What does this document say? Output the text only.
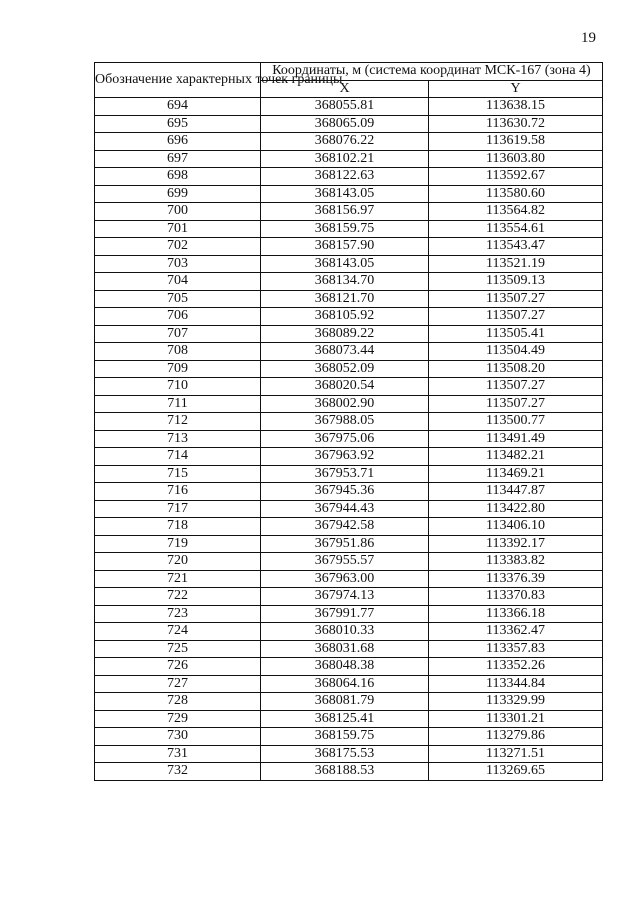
19
Обозначение характерных точек границы	Координаты, м (система координат МСК-167 (зона 4)	
	X	Y
694	368055.81	113638.15
695	368065.09	113630.72
696	368076.22	113619.58
697	368102.21	113603.80
698	368122.63	113592.67
699	368143.05	113580.60
700	368156.97	113564.82
701	368159.75	113554.61
702	368157.90	113543.47
703	368143.05	113521.19
704	368134.70	113509.13
705	368121.70	113507.27
706	368105.92	113507.27
707	368089.22	113505.41
708	368073.44	113504.49
709	368052.09	113508.20
710	368020.54	113507.27
711	368002.90	113507.27
712	367988.05	113500.77
713	367975.06	113491.49
714	367963.92	113482.21
715	367953.71	113469.21
716	367945.36	113447.87
717	367944.43	113422.80
718	367942.58	113406.10
719	367951.86	113392.17
720	367955.57	113383.82
721	367963.00	113376.39
722	367974.13	113370.83
723	367991.77	113366.18
724	368010.33	113362.47
725	368031.68	113357.83
726	368048.38	113352.26
727	368064.16	113344.84
728	368081.79	113329.99
729	368125.41	113301.21
730	368159.75	113279.86
731	368175.53	113271.51
732	368188.53	113269.65
